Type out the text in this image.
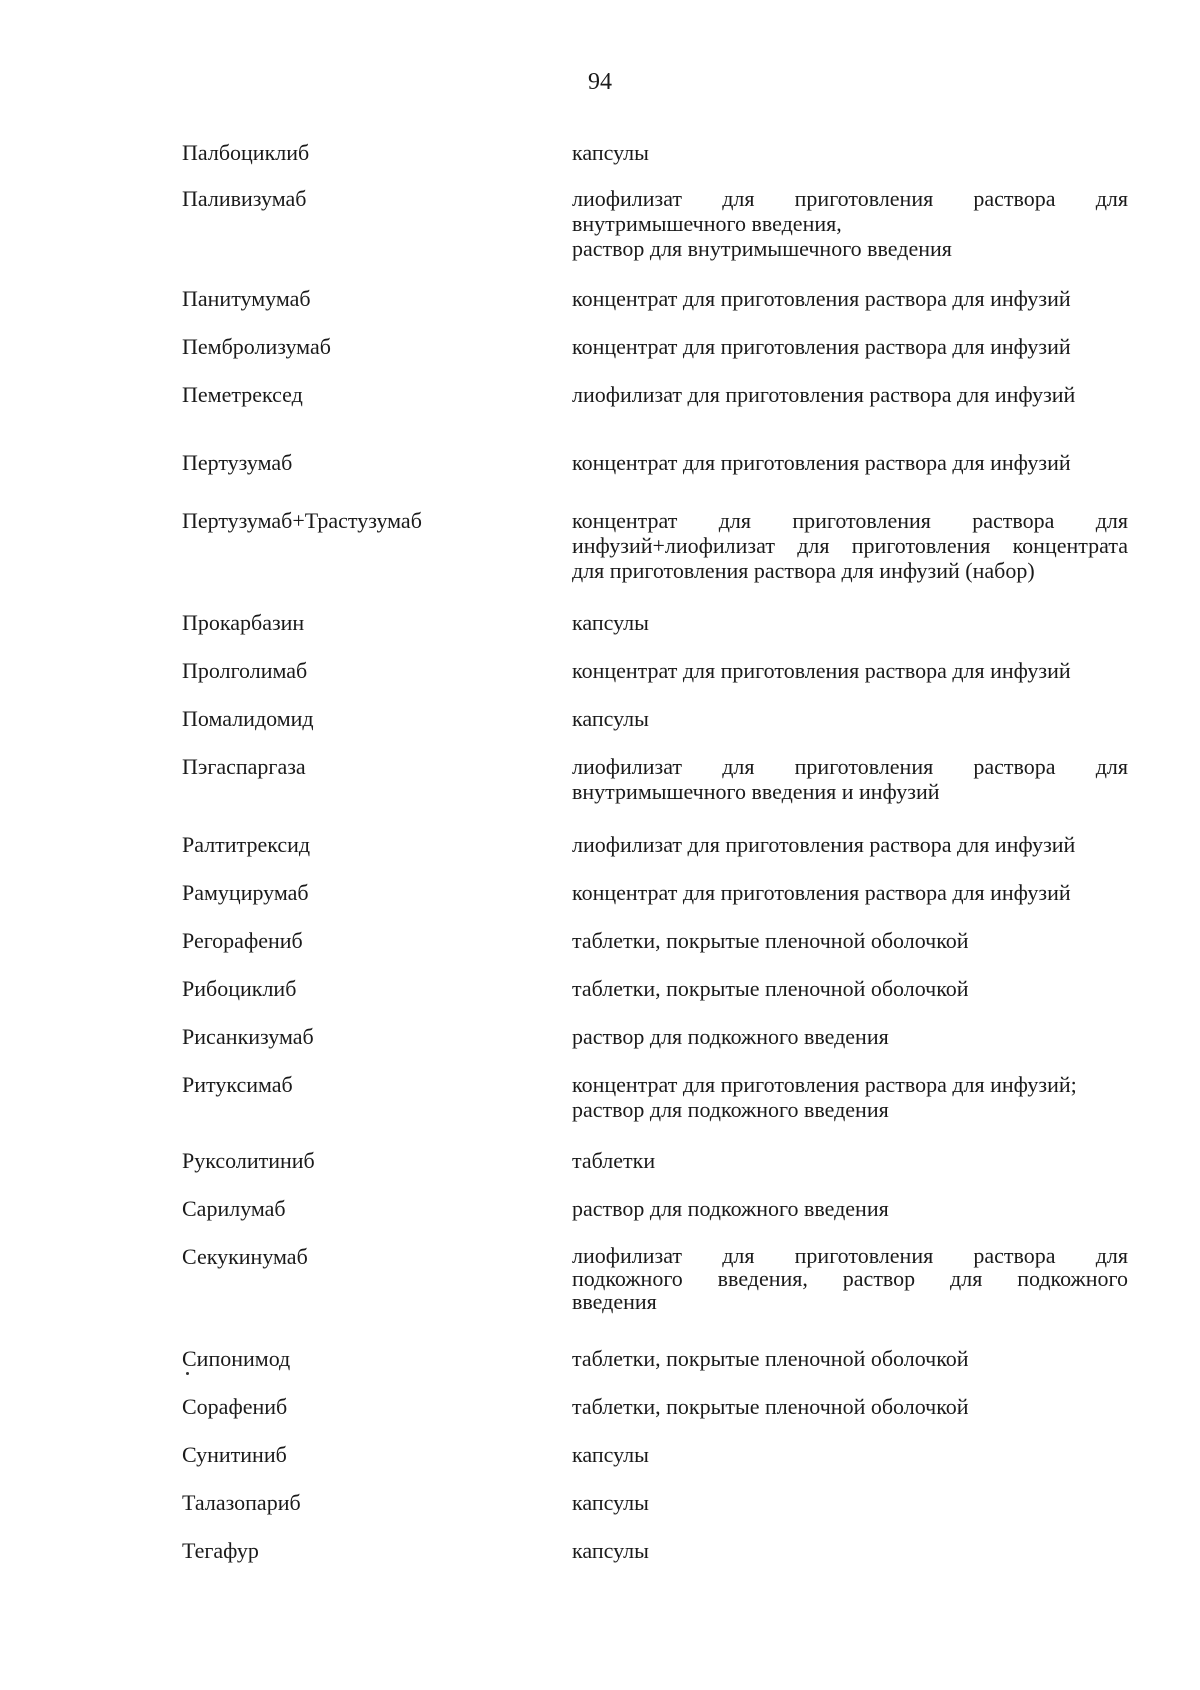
94
Палбоциклиб	капсулы
Паливизумаб	лиофилизат для приготовления раствора для
внутримышечного введения,
раствор для внутримышечного введения
Панитумумаб	концентрат для приготовления раствора для инфузий
Пембролизумаб	концентрат для приготовления раствора для инфузий
Пеметрексед	лиофилизат для приготовления раствора для инфузий
Пертузумаб	концентрат для приготовления раствора для инфузий
Пертузумаб+Трастузумаб	концентрат для приготовления раствора для
инфузий+лиофилизат для приготовления концентрата
для приготовления раствора для инфузий (набор)
Прокарбазин	капсулы
Пролголимаб	концентрат для приготовления раствора для инфузий
Помалидомид	капсулы
Пэгаспаргаза	лиофилизат для приготовления раствора для
внутримышечного введения и инфузий
Ралтитрексид	лиофилизат для приготовления раствора для инфузий
Рамуцирумаб	концентрат для приготовления раствора для инфузий
Регорафениб	таблетки, покрытые пленочной оболочкой
Рибоциклиб	таблетки, покрытые пленочной оболочкой
Рисанкизумаб	раствор для подкожного введения
Ритуксимаб	концентрат для приготовления раствора для инфузий;
раствор для подкожного введения
Руксолитиниб	таблетки
Сарилумаб	раствор для подкожного введения
Секукинумаб	лиофилизат для приготовления раствора для
подкожного введения, раствор для подкожного
введения
Сипонимод	таблетки, покрытые пленочной оболочкой
Сорафениб	таблетки, покрытые пленочной оболочкой
Сунитиниб	капсулы
Талазопариб	капсулы
Тегафур	капсулы
